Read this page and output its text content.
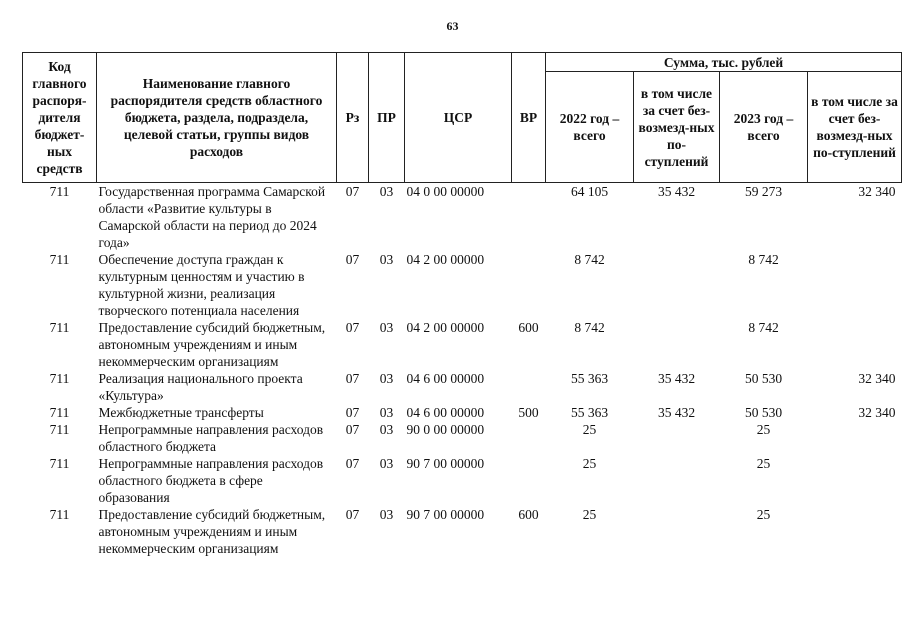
63
Код главного распоря-дителя бюджет-ных средств	Наименование главного распорядителя средств областного бюджета, раздела, подраздела, целевой статьи, группы видов расходов	Рз	ПР	ЦСР	ВР	Сумма, тыс. рублей			
						2022 год – всего	в том числе за счет без-возмезд-ных по-ступлений	2023 год – всего	в том числе за счет без-возмезд-ных по-ступлений
711	Государственная программа Самарской области «Развитие культуры в Самарской области на период до 2024 года»	07	03	04 0 00 00000		64 105	35 432	59 273	32 340
711	Обеспечение доступа граждан к культурным ценностям и участию в культурной жизни, реализация творческого потенциала населения	07	03	04 2 00 00000		8 742		8 742	
711	Предоставление субсидий бюджетным, автономным учреждениям и иным некоммерческим организациям	07	03	04 2 00 00000	600	8 742		8 742	
711	Реализация национального проекта «Культура»	07	03	04 6 00 00000		55 363	35 432	50 530	32 340
711	Межбюджетные трансферты	07	03	04 6 00 00000	500	55 363	35 432	50 530	32 340
711	Непрограммные направления расходов областного бюджета	07	03	90 0 00 00000		25		25	
711	Непрограммные направления расходов областного бюджета в сфере образования	07	03	90 7 00 00000		25		25	
711	Предоставление субсидий бюджетным, автономным учреждениям и иным некоммерческим организациям	07	03	90 7 00 00000	600	25		25	
